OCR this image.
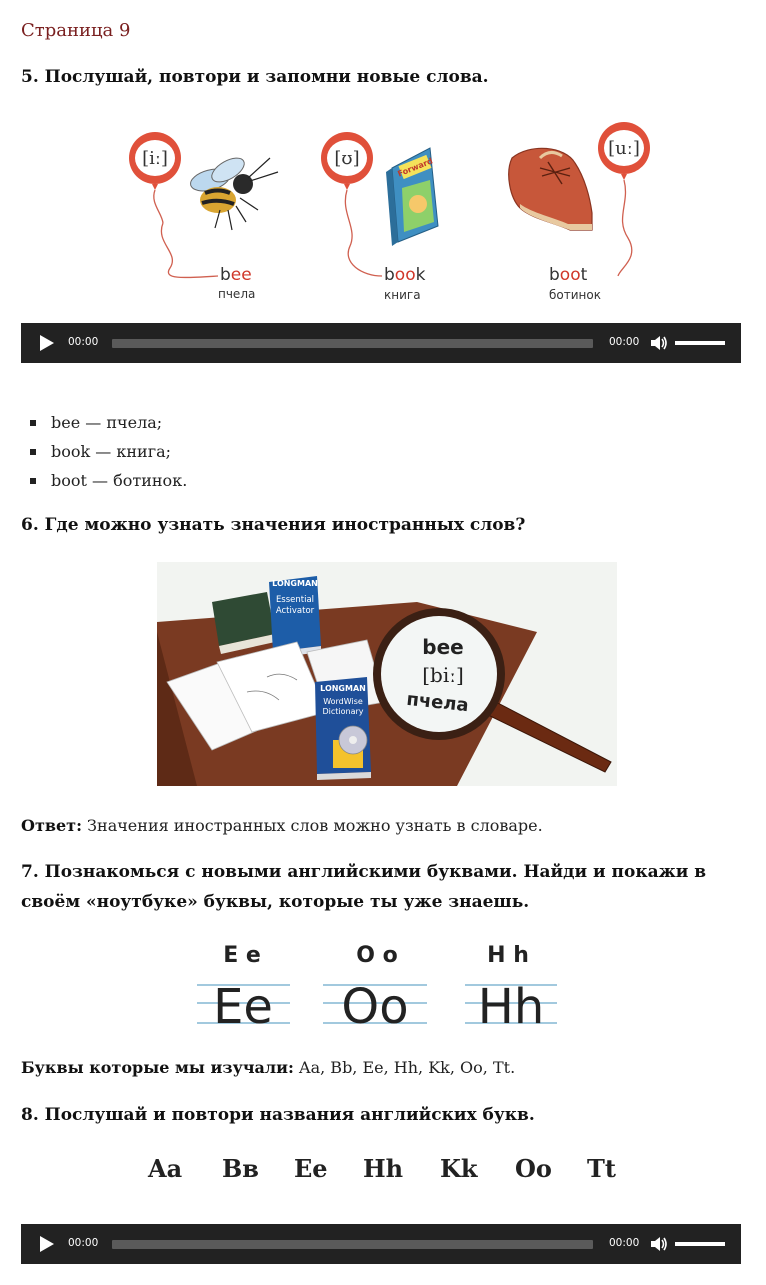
Страница 9
5. Послушай, повтори и запомни новые слова.
[iː]
bee
пчела
[ʊ]	Forward
book
книга
[uː]
boot
ботинок
00:00	00:00
bee — пчела;
book — книга;
boot — ботинок.
6. Где можно узнать значения иностранных слов?
LONGMAN
Essential
Activator
LONGMAN
WordWise
Dictionary
bee
[biː]
пчела
Ответ: Значения иностранных слов можно узнать в словаре.
7. Познакомься с новыми английскими буквами. Найди и покажи в
своём «ноутбуке» буквы, которые ты уже знаешь.
E e	O o	H h
Ee Oo Hh
Буквы которые мы изучали: Aa, Bb, Ee, Hh, Kk, Oo, Tt.
8. Послушай и повтори названия английских букв.
Aa Bв Ee Hh Kk Oo Tt
00:00	00:00
